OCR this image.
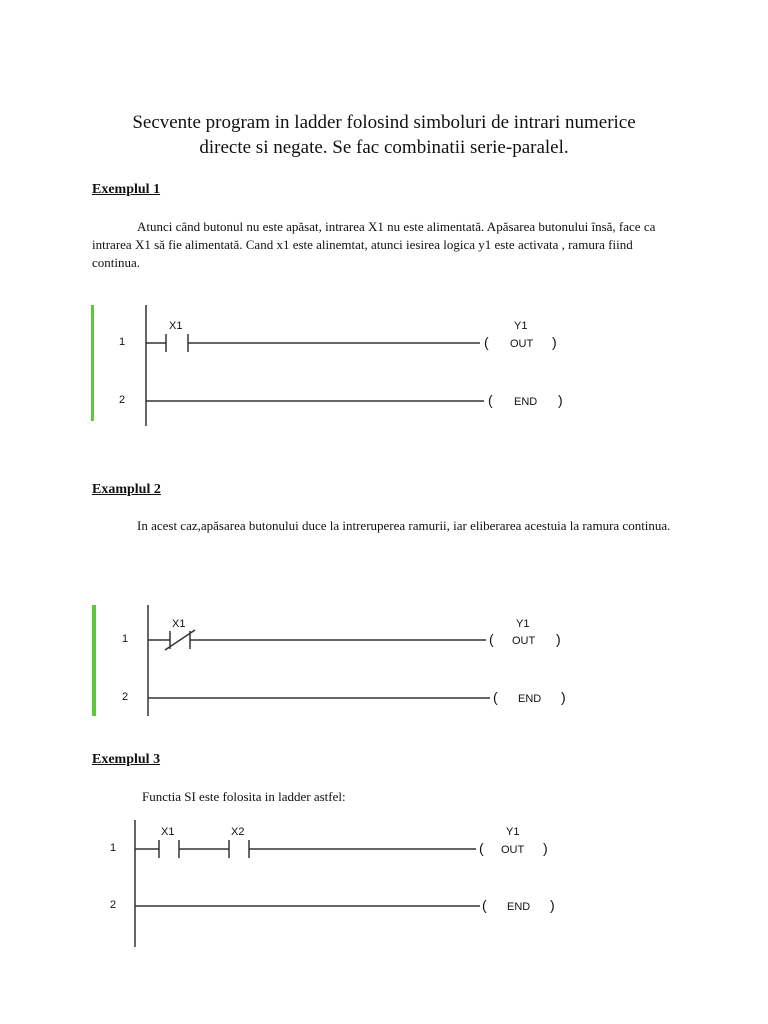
Secvente program in ladder folosind simboluri de intrari numerice
directe si negate. Se fac combinatii serie-paralel.
Exemplul 1
Atunci când butonul nu este apăsat, intrarea X1 nu este alimentată. Apăsarea butonului însă, face ca intrarea X1 să fie alimentată. Cand x1 este alinemtat, atunci iesirea logica y1 este activata , ramura fiind continua.
1
X1
(
Y1
OUT )
2	( END )
Examplul 2
In acest caz,apăsarea butonului duce la intreruperea ramurii, iar eliberarea acestuia la ramura continua.
1
X1
(
Y1
OUT )
2	( END )
Exemplul 3
Functia SI este folosita in ladder astfel:
1
X1	X2
(
Y1
OUT )
2	( END )
